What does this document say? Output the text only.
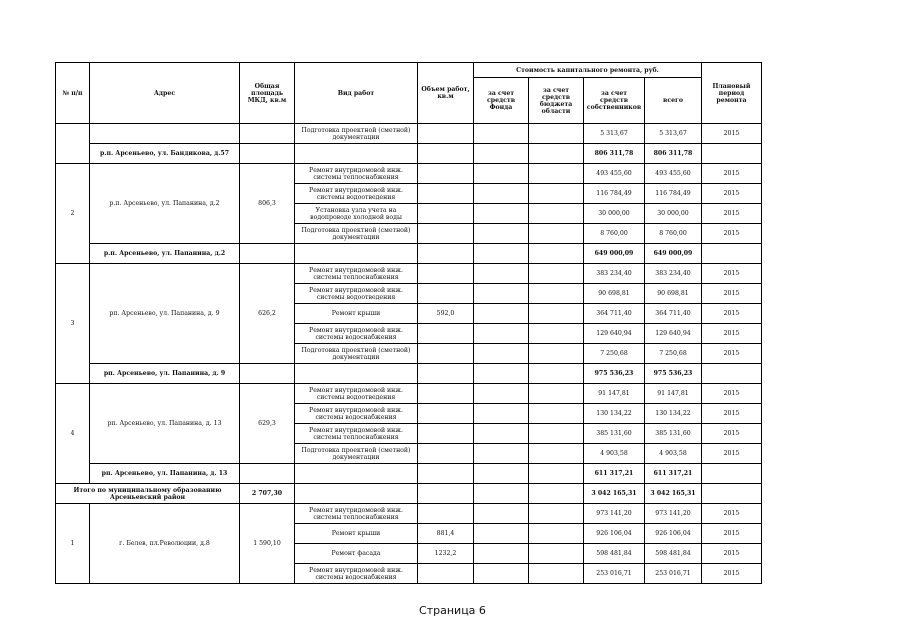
№ п/п	Адрес	Общая площадь МКД, кв.м	Вид работ	Объем работ, кв.м	Стоимость капитального ремонта, руб.				Плановый период ремонта
					за счет средств Фонда	за счет средств бюджета области	за счет средств собственников	всего	
			Подготовка проектной (сметной) документации				5 313,67	5 313,67	2015
	р.п. Арсеньево, ул. Бандикова, д.57						806 311,78	806 311,78	
2	р.п. Арсеньево, ул. Папанина, д.2	806,3	Ремонт внутридомовой инж. системы теплоснабжения				493 455,60	493 455,60	2015
			Ремонт внутридомовой инж. системы водоотведения				116 784,49	116 784,49	2015
			Установка узла учета на водопроводе холодной воды				30 000,00	30 000,00	2015
			Подготовка проектной (сметной) документации				8 760,00	8 760,00	2015
	р.п. Арсеньево, ул. Папанина, д.2						649 000,09	649 000,09	
3	рп. Арсеньево, ул. Папанина, д. 9	626,2	Ремонт внутридомовой инж. системы теплоснабжения				383 234,40	383 234,40	2015
			Ремонт внутридомовой инж. системы водоотведения				90 698,81	90 698,81	2015
			Ремонт крыши	592,0			364 711,40	364 711,40	2015
			Ремонт внутридомовой инж. системы водоснабжения				129 640,94	129 640,94	2015
			Подготовка проектной (сметной) документации				7 250,68	7 250,68	2015
	рп. Арсеньево, ул. Папанина, д. 9						975 536,23	975 536,23	
4	рп. Арсеньево, ул. Папанина, д. 13	629,3	Ремонт внутридомовой инж. системы водоотведения				91 147,81	91 147,81	2015
			Ремонт внутридомовой инж. системы водоснабжения				130 134,22	130 134,22	2015
			Ремонт внутридомовой инж. системы теплоснабжения				385 131,60	385 131,60	2015
			Подготовка проектной (сметной) документации				4 903,58	4 903,58	2015
	рп. Арсеньево, ул. Папанина, д. 13						611 317,21	611 317,21	
Итого по муниципальному образованию Арсеньевский район		2 707,30					3 042 165,31	3 042 165,31	
1	г. Белев, пл.Революции, д.8	1 590,10	Ремонт внутридомовой инж. системы теплоснабжения				973 141,20	973 141,20	2015
			Ремонт крыши	881,4			926 106,04	926 106,04	2015
			Ремонт фасада	1232,2			598 481,84	598 481,84	2015
			Ремонт внутридомовой инж. системы водоснабжения				253 016,71	253 016,71	2015
Страница 6
